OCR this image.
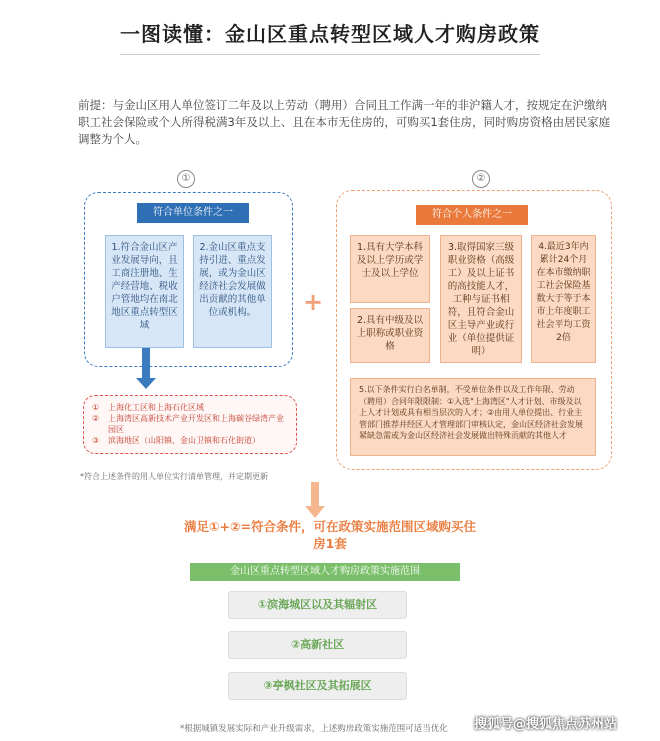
一图读懂：金山区重点转型区域人才购房政策
前提：与金山区用人单位签订二年及以上劳动（聘用）合同且工作满一年的非沪籍人才，按规定在沪缴纳职工社会保险或个人所得税满3年及以上、且在本市无住房的，可购买1套住房，同时购房资格由居民家庭调整为个人。
①
符合单位条件之一
1.符合金山区产业发展导向，且工商注册地、生产经营地、税收户管地均在南北地区重点转型区域
2.金山区重点支持引进、重点发展，或为金山区经济社会发展做出贡献的其他单位或机构。
①	上海化工区和上海石化区域
②	上海湾区高新技术产业开发区和上海碳谷绿湾产业园区
③	滨海地区（山阳镇、金山卫镇和石化街道）
*符合上述条件的用人单位实行清单管理，并定期更新
+
②
符合个人条件之一
1.具有大学本科及以上学历或学士及以上学位
2.具有中级及以上职称或职业资格
3.取得国家三级职业资格（高级工）及以上证书的高技能人才，工种与证书相符，且符合金山区主导产业或行业（单位提供证明）
4.最近3年内累计24个月在本市缴纳职工社会保险基数大于等于本市上年度职工社会平均工资2倍
5.以下条件实行白名单制，不受单位条件以及工作年限、劳动（聘用）合同年限限制：①入选"上海湾区"人才计划、市级及以上人才计划或具有相当层次的人才；②由用人单位提出、行业主管部门推荐并经区人才管理部门审核认定，金山区经济社会发展紧缺急需或为金山区经济社会发展做出特殊贡献的其他人才
满足①+②=符合条件，可在政策实施范围区域购买住房1套
金山区重点转型区域人才购房政策实施范围
①滨海城区以及其辐射区
②高新社区
③亭枫社区及其拓展区
*根据城镇发展实际和产业升级需求，上述购房政策实施范围可适当优化 搜狐号@搜狐焦点苏州站
